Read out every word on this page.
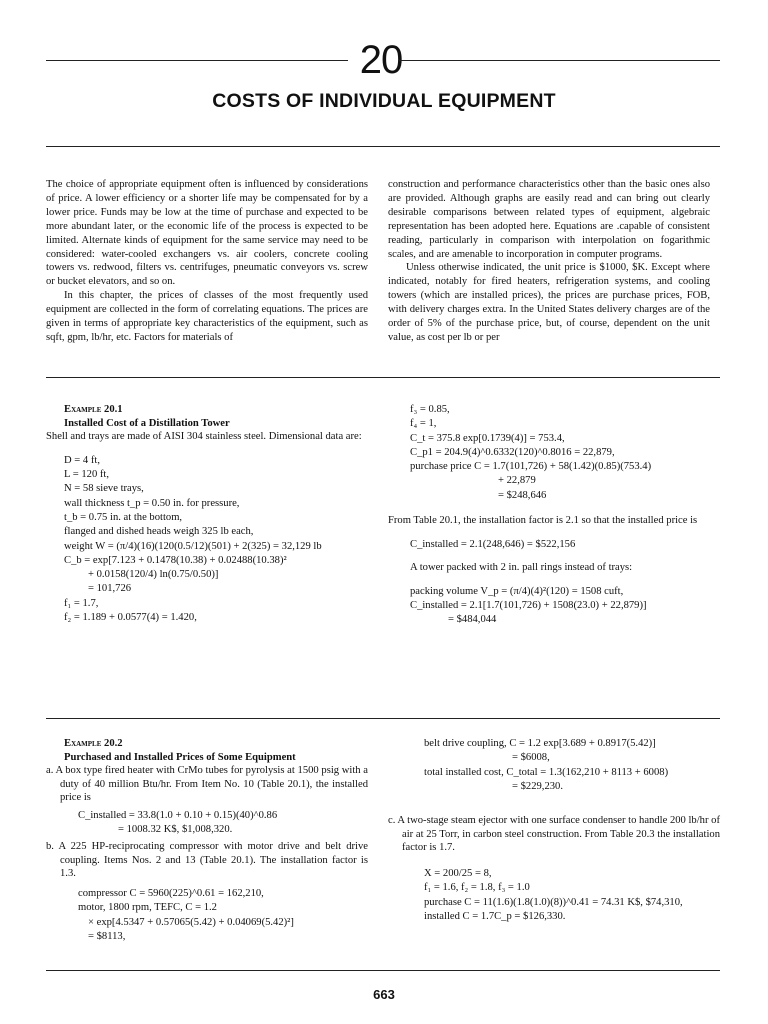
20
COSTS OF INDIVIDUAL EQUIPMENT

The choice of appropriate equipment often is influenced by considerations of price. A lower efficiency or a shorter life may be compensated for by a lower price. Funds may be low at the time of purchase and expected to be more abundant later, or the economic life of the process is expected to be limited. Alternate kinds of equipment for the same service may need to be considered: water-cooled exchangers vs. air coolers, concrete cooling towers vs. redwood, filters vs. centrifuges, pneumatic conveyors vs. screw or bucket elevators, and so on.

In this chapter, the prices of classes of the most frequently used equipment are collected in the form of correlating equations. The prices are given in terms of appropriate key characteristics of the equipment, such as sqft, gpm, lb/hr, etc. Factors for materials of

construction and performance characteristics other than the basic ones also are provided. Although graphs are easily read and can bring out clearly desirable comparisons between related types of equipment, algebraic representation has been adopted here. Equations are .capable of consistent reading, particularly in comparison with interpolation on fogarithmic scales, and are amenable to incorporation in computer programs.

Unless otherwise indicated, the unit price is $1000, $K. Except where indicated, notably for fired heaters, refrigeration systems, and cooling towers (which are installed prices), the prices are purchase prices, FOB, with delivery charges extra. In the United States delivery charges are of the order of 5% of the purchase price, but, of course, dependent on the unit value, as cost per lb or per

Example 20.1
Installed Cost of a Distillation Tower
Shell and trays are made of AISI 304 stainless steel. Dimensional data are:
D = 4 ft,
L = 120 ft,
N = 58 sieve trays,
wall thickness t_p = 0.50 in. for pressure,
t_b = 0.75 in. at the bottom,
flanged and dished heads weigh 325 lb each,
weight W = (π/4)(16)(120(0.5/12)(501) + 2(325) = 32,129 lb
C_b = exp[7.123 + 0.1478(10.38) + 0.02488(10.38)²
+ 0.0158(120/4) ln(0.75/0.50)]
= 101,726
f₁ = 1.7,
f₂ = 1.189 + 0.0577(4) = 1.420,
f₃ = 0.85,
f₄ = 1,
C_t = 375.8 exp[0.1739(4)] = 753.4,
C_p1 = 204.9(4)^0.6332(120)^0.8016 = 22,879,
purchase price C = 1.7(101,726) + 58(1.42)(0.85)(753.4)
+ 22,879
= $248,646
From Table 20.1, the installation factor is 2.1 so that the installed price is
C_installed = 2.1(248,646) = $522,156
A tower packed with 2 in. pall rings instead of trays:
packing volume V_p = (π/4)(4)²(120) = 1508 cuft,
C_installed = 2.1[1.7(101,726) + 1508(23.0) + 22,879)]
= $484,044
Example 20.2
Purchased and Installed Prices of Some Equipment
a. A box type fired heater with CrMo tubes for pyrolysis at 1500 psig with a duty of 40 million Btu/hr. From Item No. 10 (Table 20.1), the installed price is
C_installed = 33.8(1.0 + 0.10 + 0.15)(40)^0.86
= 1008.32 K$, $1,008,320.
b. A 225 HP-reciprocating compressor with motor drive and belt drive coupling. Items Nos. 2 and 13 (Table 20.1). The installation factor is 1.3.
compressor C = 5960(225)^0.61 = 162,210,
motor, 1800 rpm, TEFC, C = 1.2
× exp[4.5347 + 0.57065(5.42) + 0.04069(5.42)²]
= $8113,
belt drive coupling, C = 1.2 exp[3.689 + 0.8917(5.42)]
= $6008,
total installed cost, C_total = 1.3(162,210 + 8113 + 6008)
= $229,230.
c. A two-stage steam ejector with one surface condenser to handle 200 lb/hr of air at 25 Torr, in carbon steel construction. From Table 20.3 the installation factor is 1.7.
X = 200/25 = 8,
f₁ = 1.6, f₂ = 1.8, f₃ = 1.0
purchase C = 11(1.6)(1.8(1.0)(8))^0.41 = 74.31 K$, $74,310,
installed C = 1.7C_p = $126,330.
663
